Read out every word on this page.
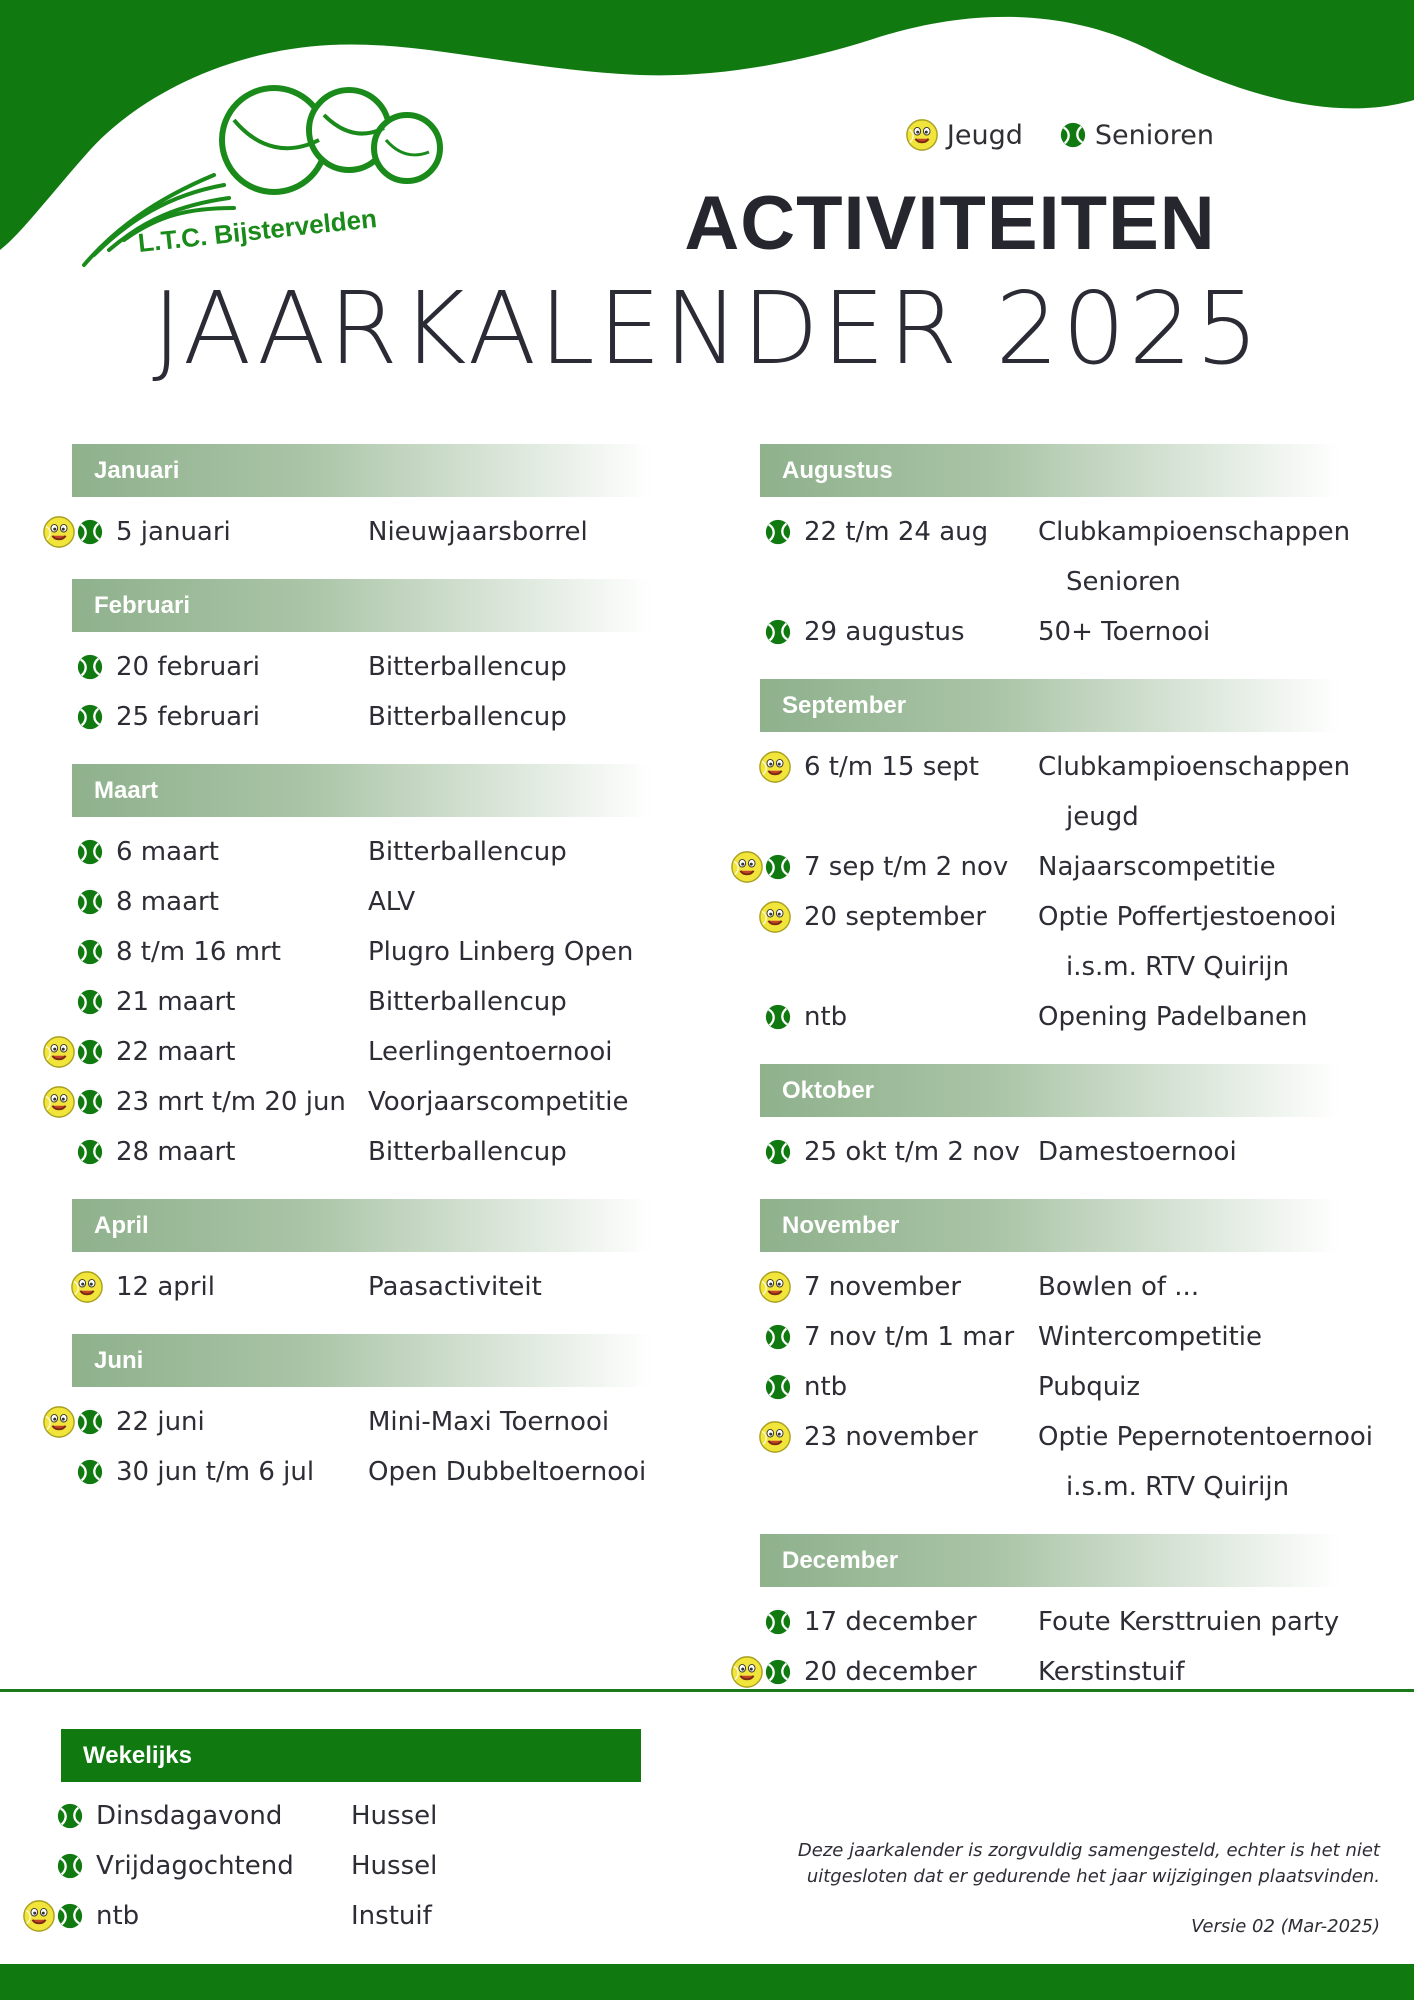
L.T.C. Bijstervelden
Jeugd	Senioren
ACTIVITEITEN
JAARKALENDER 2025
Januari
5 januari	Nieuwjaarsborrel
Februari
20 februari	Bitterballencup
25 februari	Bitterballencup
Maart
6 maart	Bitterballencup
8 maart	ALV
8 t/m 16 mrt	Plugro Linberg Open
21 maart	Bitterballencup
22 maart	Leerlingentoernooi
23 mrt t/m 20 jun Voorjaarscompetitie
28 maart	Bitterballencup
April
12 april	Paasactiviteit
Juni
22 juni	Mini-Maxi Toernooi
30 jun t/m 6 jul	Open Dubbeltoernooi
Augustus
22 t/m 24 aug	Clubkampioenschappen
Senioren
29 augustus	50+ Toernooi
September
6 t/m 15 sept	Clubkampioenschappen
jeugd
7 sep t/m 2 nov	Najaarscompetitie
20 september	Optie Poffertjestoenooi
i.s.m. RTV Quirijn
ntb	Opening Padelbanen
Oktober
25 okt t/m 2 nov Damestoernooi
November
7 november	Bowlen of ...
7 nov t/m 1 mar Wintercompetitie
ntb	Pubquiz
23 november	Optie Pepernotentoernooi
i.s.m. RTV Quirijn
December
17 december	Foute Kersttruien party
20 december	Kerstinstuif
Wekelijks
Dinsdagavond	Hussel
Vrijdagochtend	Hussel
ntb	Instuif
Deze jaarkalender is zorgvuldig samengesteld, echter is het niet
uitgesloten dat er gedurende het jaar wijzigingen plaatsvinden.
Versie 02 (Mar-2025)
